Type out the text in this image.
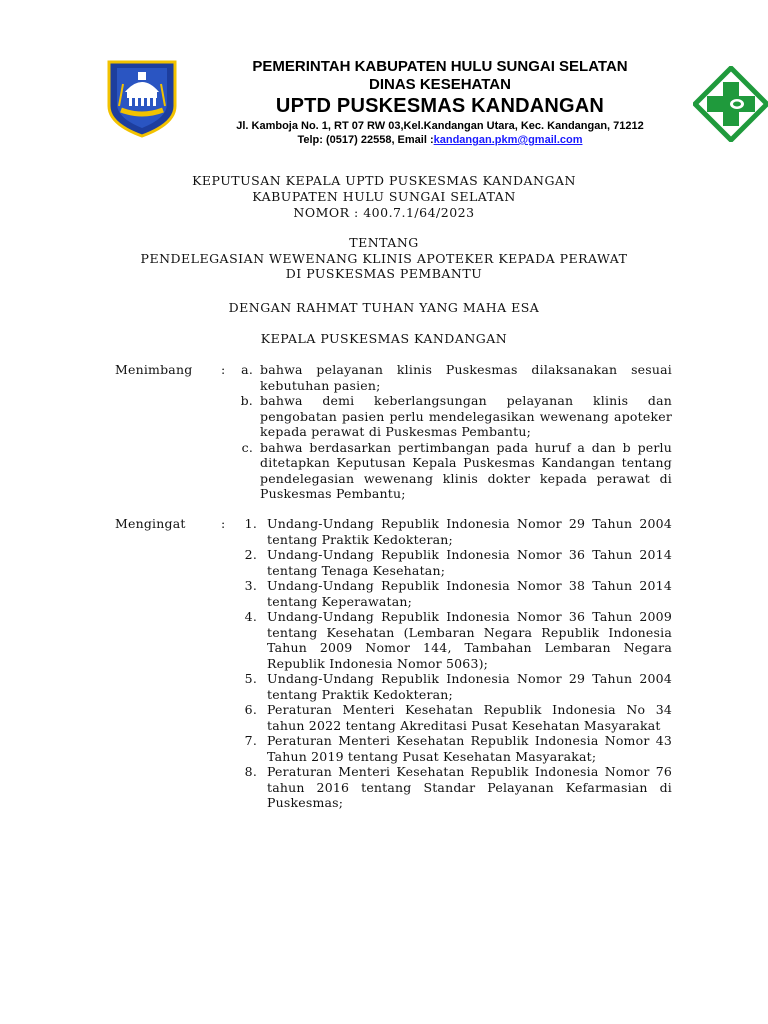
PEMERINTAH KABUPATEN HULU SUNGAI SELATAN
DINAS KESEHATAN
UPTD PUSKESMAS KANDANGAN
Jl. Kamboja No. 1, RT 07 RW 03,Kel.Kandangan Utara, Kec. Kandangan, 71212
Telp: (0517) 22558, Email :kandangan.pkm@gmail.com
KEPUTUSAN KEPALA UPTD PUSKESMAS KANDANGAN
KABUPATEN HULU SUNGAI SELATAN
NOMOR : 400.7.1/64/2023
TENTANG
PENDELEGASIAN WEWENANG KLINIS APOTEKER KEPADA PERAWAT
DI PUSKESMAS PEMBANTU
DENGAN RAHMAT TUHAN YANG MAHA ESA
KEPALA PUSKESMAS KANDANGAN
Menimbang :	a. bahwa pelayanan klinis Puskesmas dilaksanakan sesuai kebutuhan pasien;
b. bahwa demi keberlangsungan pelayanan klinis dan pengobatan pasien perlu mendelegasikan wewenang apoteker kepada perawat di Puskesmas Pembantu;
c. bahwa berdasarkan pertimbangan pada huruf a dan b perlu ditetapkan Keputusan Kepala Puskesmas Kandangan tentang pendelegasian wewenang klinis dokter kepada perawat di Puskesmas Pembantu;
Mengingat	:	1. Undang-Undang Republik Indonesia Nomor 29 Tahun 2004 tentang Praktik Kedokteran;
2. Undang-Undang Republik Indonesia Nomor 36 Tahun 2014 tentang Tenaga Kesehatan;
3. Undang-Undang Republik Indonesia Nomor 38 Tahun 2014 tentang Keperawatan;
4. Undang-Undang Republik Indonesia Nomor 36 Tahun 2009 tentang Kesehatan (Lembaran Negara Republik Indonesia Tahun 2009 Nomor 144, Tambahan Lembaran Negara Republik Indonesia Nomor 5063);
5. Undang-Undang Republik Indonesia Nomor 29 Tahun 2004 tentang Praktik Kedokteran;
6. Peraturan Menteri Kesehatan Republik Indonesia No 34 tahun 2022 tentang Akreditasi Pusat Kesehatan Masyarakat
7. Peraturan Menteri Kesehatan Republik Indonesia Nomor 43 Tahun 2019 tentang Pusat Kesehatan Masyarakat;
8. Peraturan Menteri Kesehatan Republik Indonesia Nomor 76 tahun 2016 tentang Standar Pelayanan Kefarmasian di Puskesmas;
